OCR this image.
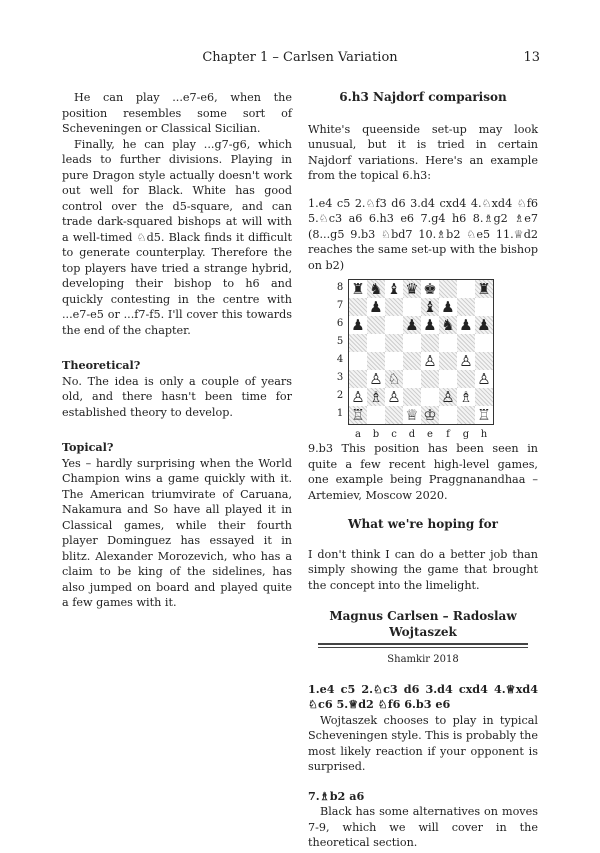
Chapter 1 – Carlsen Variation	13

He can play ...e7-e6, when the position resembles some sort of Scheveningen or Classical Sicilian.

Finally, he can play ...g7-g6, which leads to further divisions. Playing in pure Dragon style actually doesn't work out well for Black. White has good control over the d5-square, and can trade dark-squared bishops at will with a well-timed ♘d5. Black finds it difficult to generate counterplay. Therefore the top players have tried a strange hybrid, developing their bishop to h6 and quickly contesting in the centre with ...e7-e5 or ...f7-f5. I'll cover this towards the end of the chapter.

Theoretical?

No. The idea is only a couple of years old, and there hasn't been time for established theory to develop.

Topical?

Yes – hardly surprising when the World Champion wins a game quickly with it. The American triumvirate of Caruana, Nakamura and So have all played it in Classical games, while their fourth player Dominguez has essayed it in blitz. Alexander Morozevich, who has a claim to be king of the sidelines, has also jumped on board and played quite a few games with it.

6.h3 Najdorf comparison

White's queenside set-up may look unusual, but it is tried in certain Najdorf variations. Here's an example from the topical 6.h3:

1.e4 c5 2.♘f3 d6 3.d4 cxd4 4.♘xd4 ♘f6 5.♘c3 a6 6.h3 e6 7.g4 h6 8.♗g2 ♗e7 (8...g5 9.b3 ♘bd7 10.♗b2 ♘e5 11.♕d2 reaches the same set-up with the bishop on b2)

8
7
6
5
4
3
2
1
♜ ♞ ♝ ♛ ♚	♜
♟	♝ ♟
♟	♟ ♟ ♞ ♟ ♟
♙ ♙
♙ ♘	♙
♙ ♗ ♙	♙ ♗
♖	♕ ♔	♖
a	b	c	d	e	f	g	h

9.b3 This position has been seen in quite a few recent high-level games, one example being Praggnanandhaa – Artemiev, Moscow 2020.

What we're hoping for

I don't think I can do a better job than simply showing the game that brought the concept into the limelight.

Magnus Carlsen – Radoslaw Wojtaszek

Shamkir 2018

1.e4 c5 2.♘c3 d6 3.d4 cxd4 4.♕xd4 ♘c6 5.♕d2 ♘f6 6.b3 e6

Wojtaszek chooses to play in typical Scheveningen style. This is probably the most likely reaction if your opponent is surprised.

7.♗b2 a6

Black has some alternatives on moves 7-9, which we will cover in the theoretical section.
